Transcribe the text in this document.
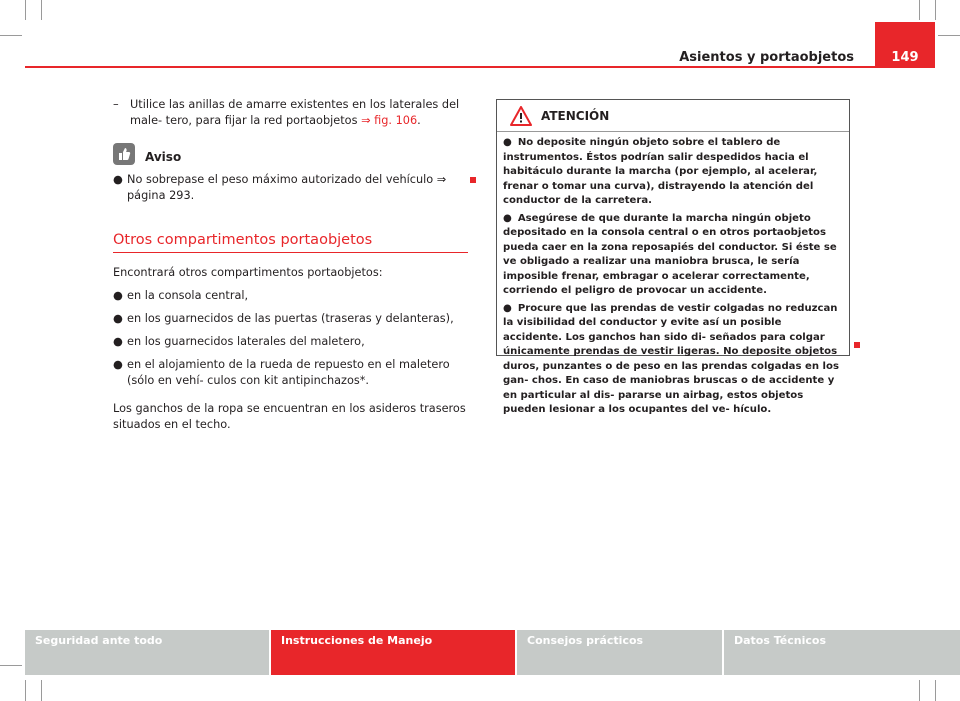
Asientos y portaobjetos	149
– Utilice las anillas de amarre existentes en los laterales del male- tero, para fijar la red portaobjetos ⇒ fig. 106.
Aviso
● No sobrepase el peso máximo autorizado del vehículo ⇒ página 293.
Otros compartimentos portaobjetos
Encontrará otros compartimentos portaobjetos:
● en la consola central,
● en los guarnecidos de las puertas (traseras y delanteras),
● en los guarnecidos laterales del maletero,
● en el alojamiento de la rueda de repuesto en el maletero (sólo en vehí- culos con kit antipinchazos*.
Los ganchos de la ropa se encuentran en los asideros traseros situados en el techo.
ATENCIÓN
● No deposite ningún objeto sobre el tablero de instrumentos. Éstos podrían salir despedidos hacia el habitáculo durante la marcha (por ejemplo, al acelerar, frenar o tomar una curva), distrayendo la atención del conductor de la carretera.
● Asegúrese de que durante la marcha ningún objeto depositado en la consola central o en otros portaobjetos pueda caer en la zona reposapiés del conductor. Si éste se ve obligado a realizar una maniobra brusca, le sería imposible frenar, embragar o acelerar correctamente, corriendo el peligro de provocar un accidente.
● Procure que las prendas de vestir colgadas no reduzcan la visibilidad del conductor y evite así un posible accidente. Los ganchos han sido di- señados para colgar únicamente prendas de vestir ligeras. No deposite objetos duros, punzantes o de peso en las prendas colgadas en los gan- chos. En caso de maniobras bruscas o de accidente y en particular al dis- pararse un airbag, estos objetos pueden lesionar a los ocupantes del ve- hículo.
Seguridad ante todo	Instrucciones de Manejo	Consejos prácticos	Datos Técnicos
